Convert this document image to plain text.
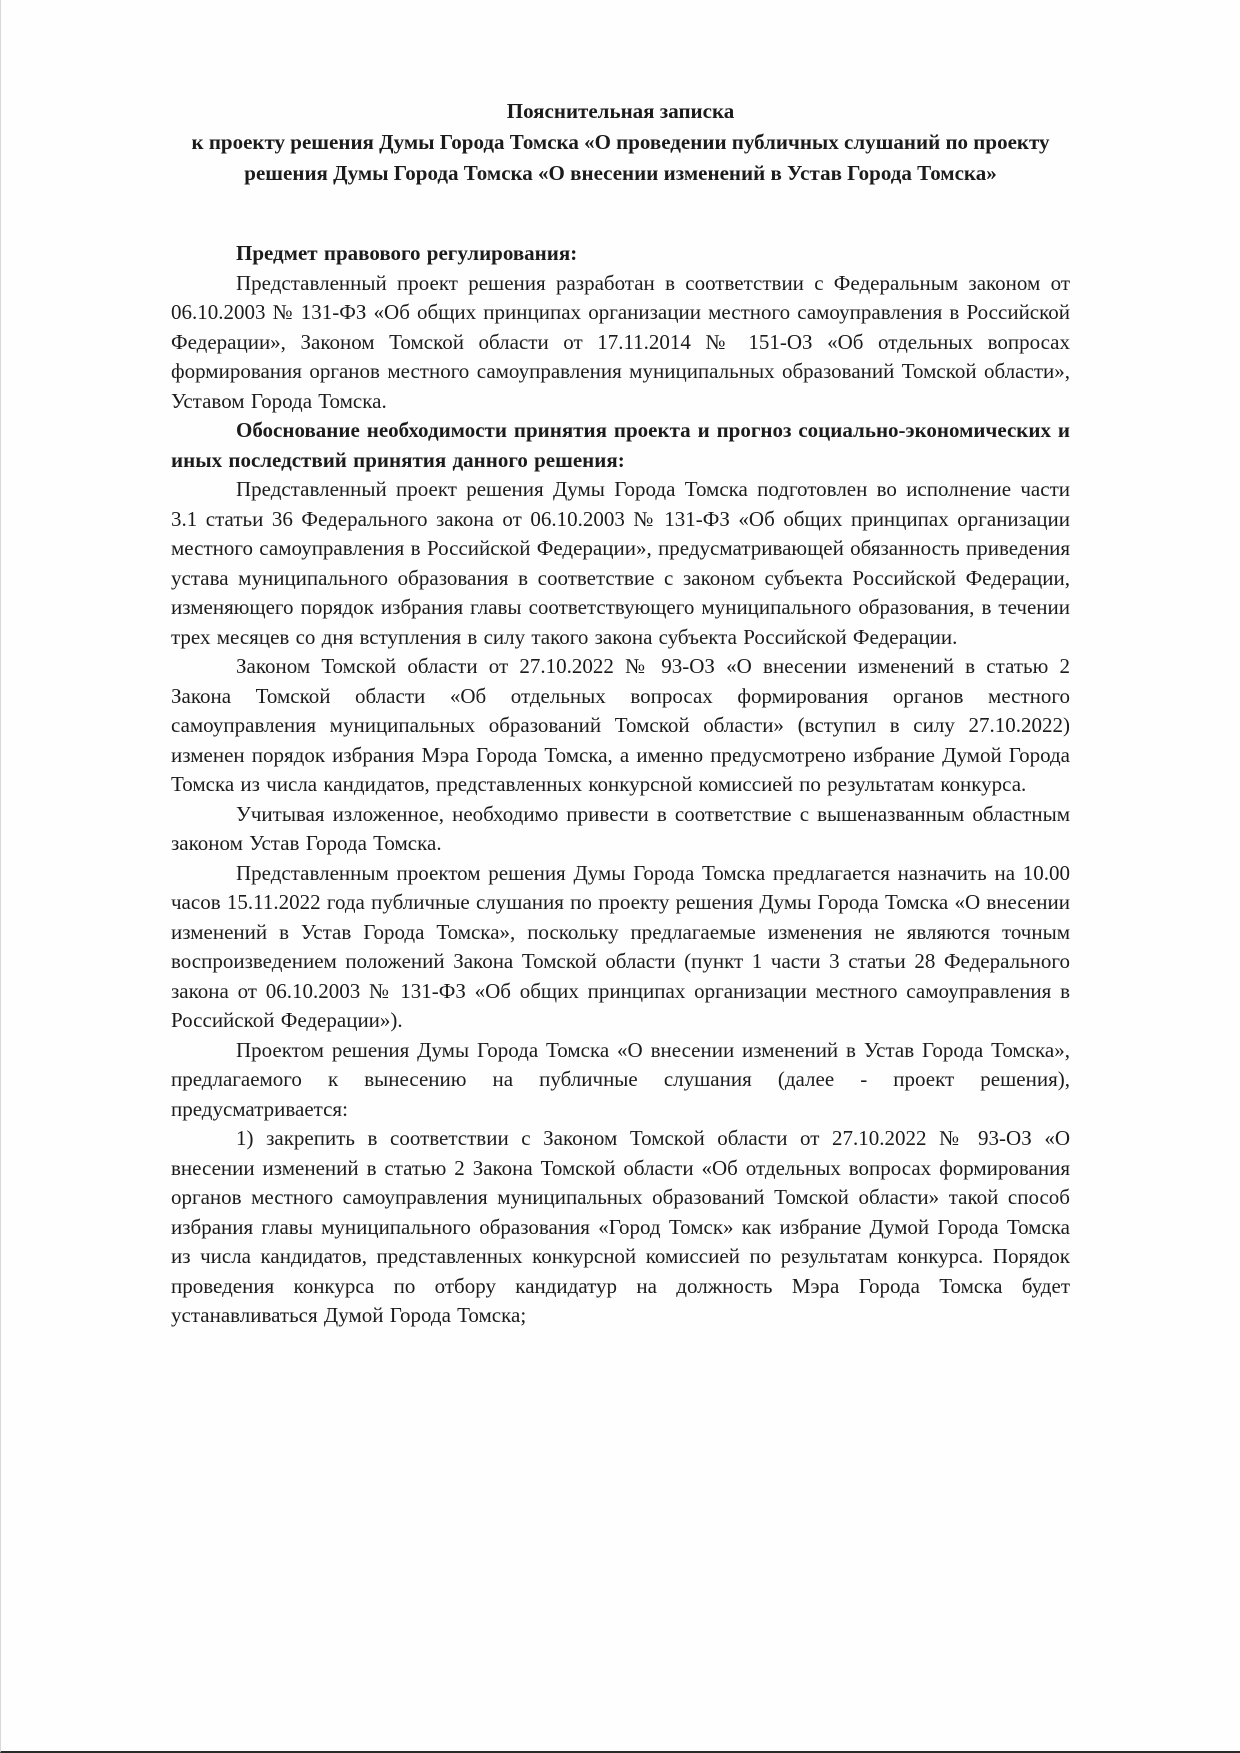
Пояснительная записка
к проекту решения Думы Города Томска «О проведении публичных слушаний по проекту решения Думы Города Томска «О внесении изменений в Устав Города Томска»

Предмет правового регулирования:

Представленный проект решения разработан в соответствии с Федеральным законом от 06.10.2003 № 131-ФЗ «Об общих принципах организации местного самоуправления в Российской Федерации», Законом Томской области от 17.11.2014 № 151-ОЗ «Об отдельных вопросах формирования органов местного самоуправления муниципальных образований Томской области», Уставом Города Томска.

Обоснование необходимости принятия проекта и прогноз социально-экономических и иных последствий принятия данного решения:

Представленный проект решения Думы Города Томска подготовлен во исполнение части 3.1 статьи 36 Федерального закона от 06.10.2003 № 131-ФЗ «Об общих принципах организации местного самоуправления в Российской Федерации», предусматривающей обязанность приведения устава муниципального образования в соответствие с законом субъекта Российской Федерации, изменяющего порядок избрания главы соответствующего муниципального образования, в течении трех месяцев со дня вступления в силу такого закона субъекта Российской Федерации.

Законом Томской области от 27.10.2022 № 93-ОЗ «О внесении изменений в статью 2 Закона Томской области «Об отдельных вопросах формирования органов местного самоуправления муниципальных образований Томской области» (вступил в силу 27.10.2022) изменен порядок избрания Мэра Города Томска, а именно предусмотрено избрание Думой Города Томска из числа кандидатов, представленных конкурсной комиссией по результатам конкурса.

Учитывая изложенное, необходимо привести в соответствие с вышеназванным областным законом Устав Города Томска.

Представленным проектом решения Думы Города Томска предлагается назначить на 10.00 часов 15.11.2022 года публичные слушания по проекту решения Думы Города Томска «О внесении изменений в Устав Города Томска», поскольку предлагаемые изменения не являются точным воспроизведением положений Закона Томской области (пункт 1 части 3 статьи 28 Федерального закона от 06.10.2003 № 131-ФЗ «Об общих принципах организации местного самоуправления в Российской Федерации»).

Проектом решения Думы Города Томска «О внесении изменений в Устав Города Томска», предлагаемого к вынесению на публичные слушания (далее - проект решения), предусматривается:

1) закрепить в соответствии с Законом Томской области от 27.10.2022 № 93-ОЗ «О внесении изменений в статью 2 Закона Томской области «Об отдельных вопросах формирования органов местного самоуправления муниципальных образований Томской области» такой способ избрания главы муниципального образования «Город Томск» как избрание Думой Города Томска из числа кандидатов, представленных конкурсной комиссией по результатам конкурса. Порядок проведения конкурса по отбору кандидатур на должность Мэра Города Томска будет устанавливаться Думой Города Томска;
